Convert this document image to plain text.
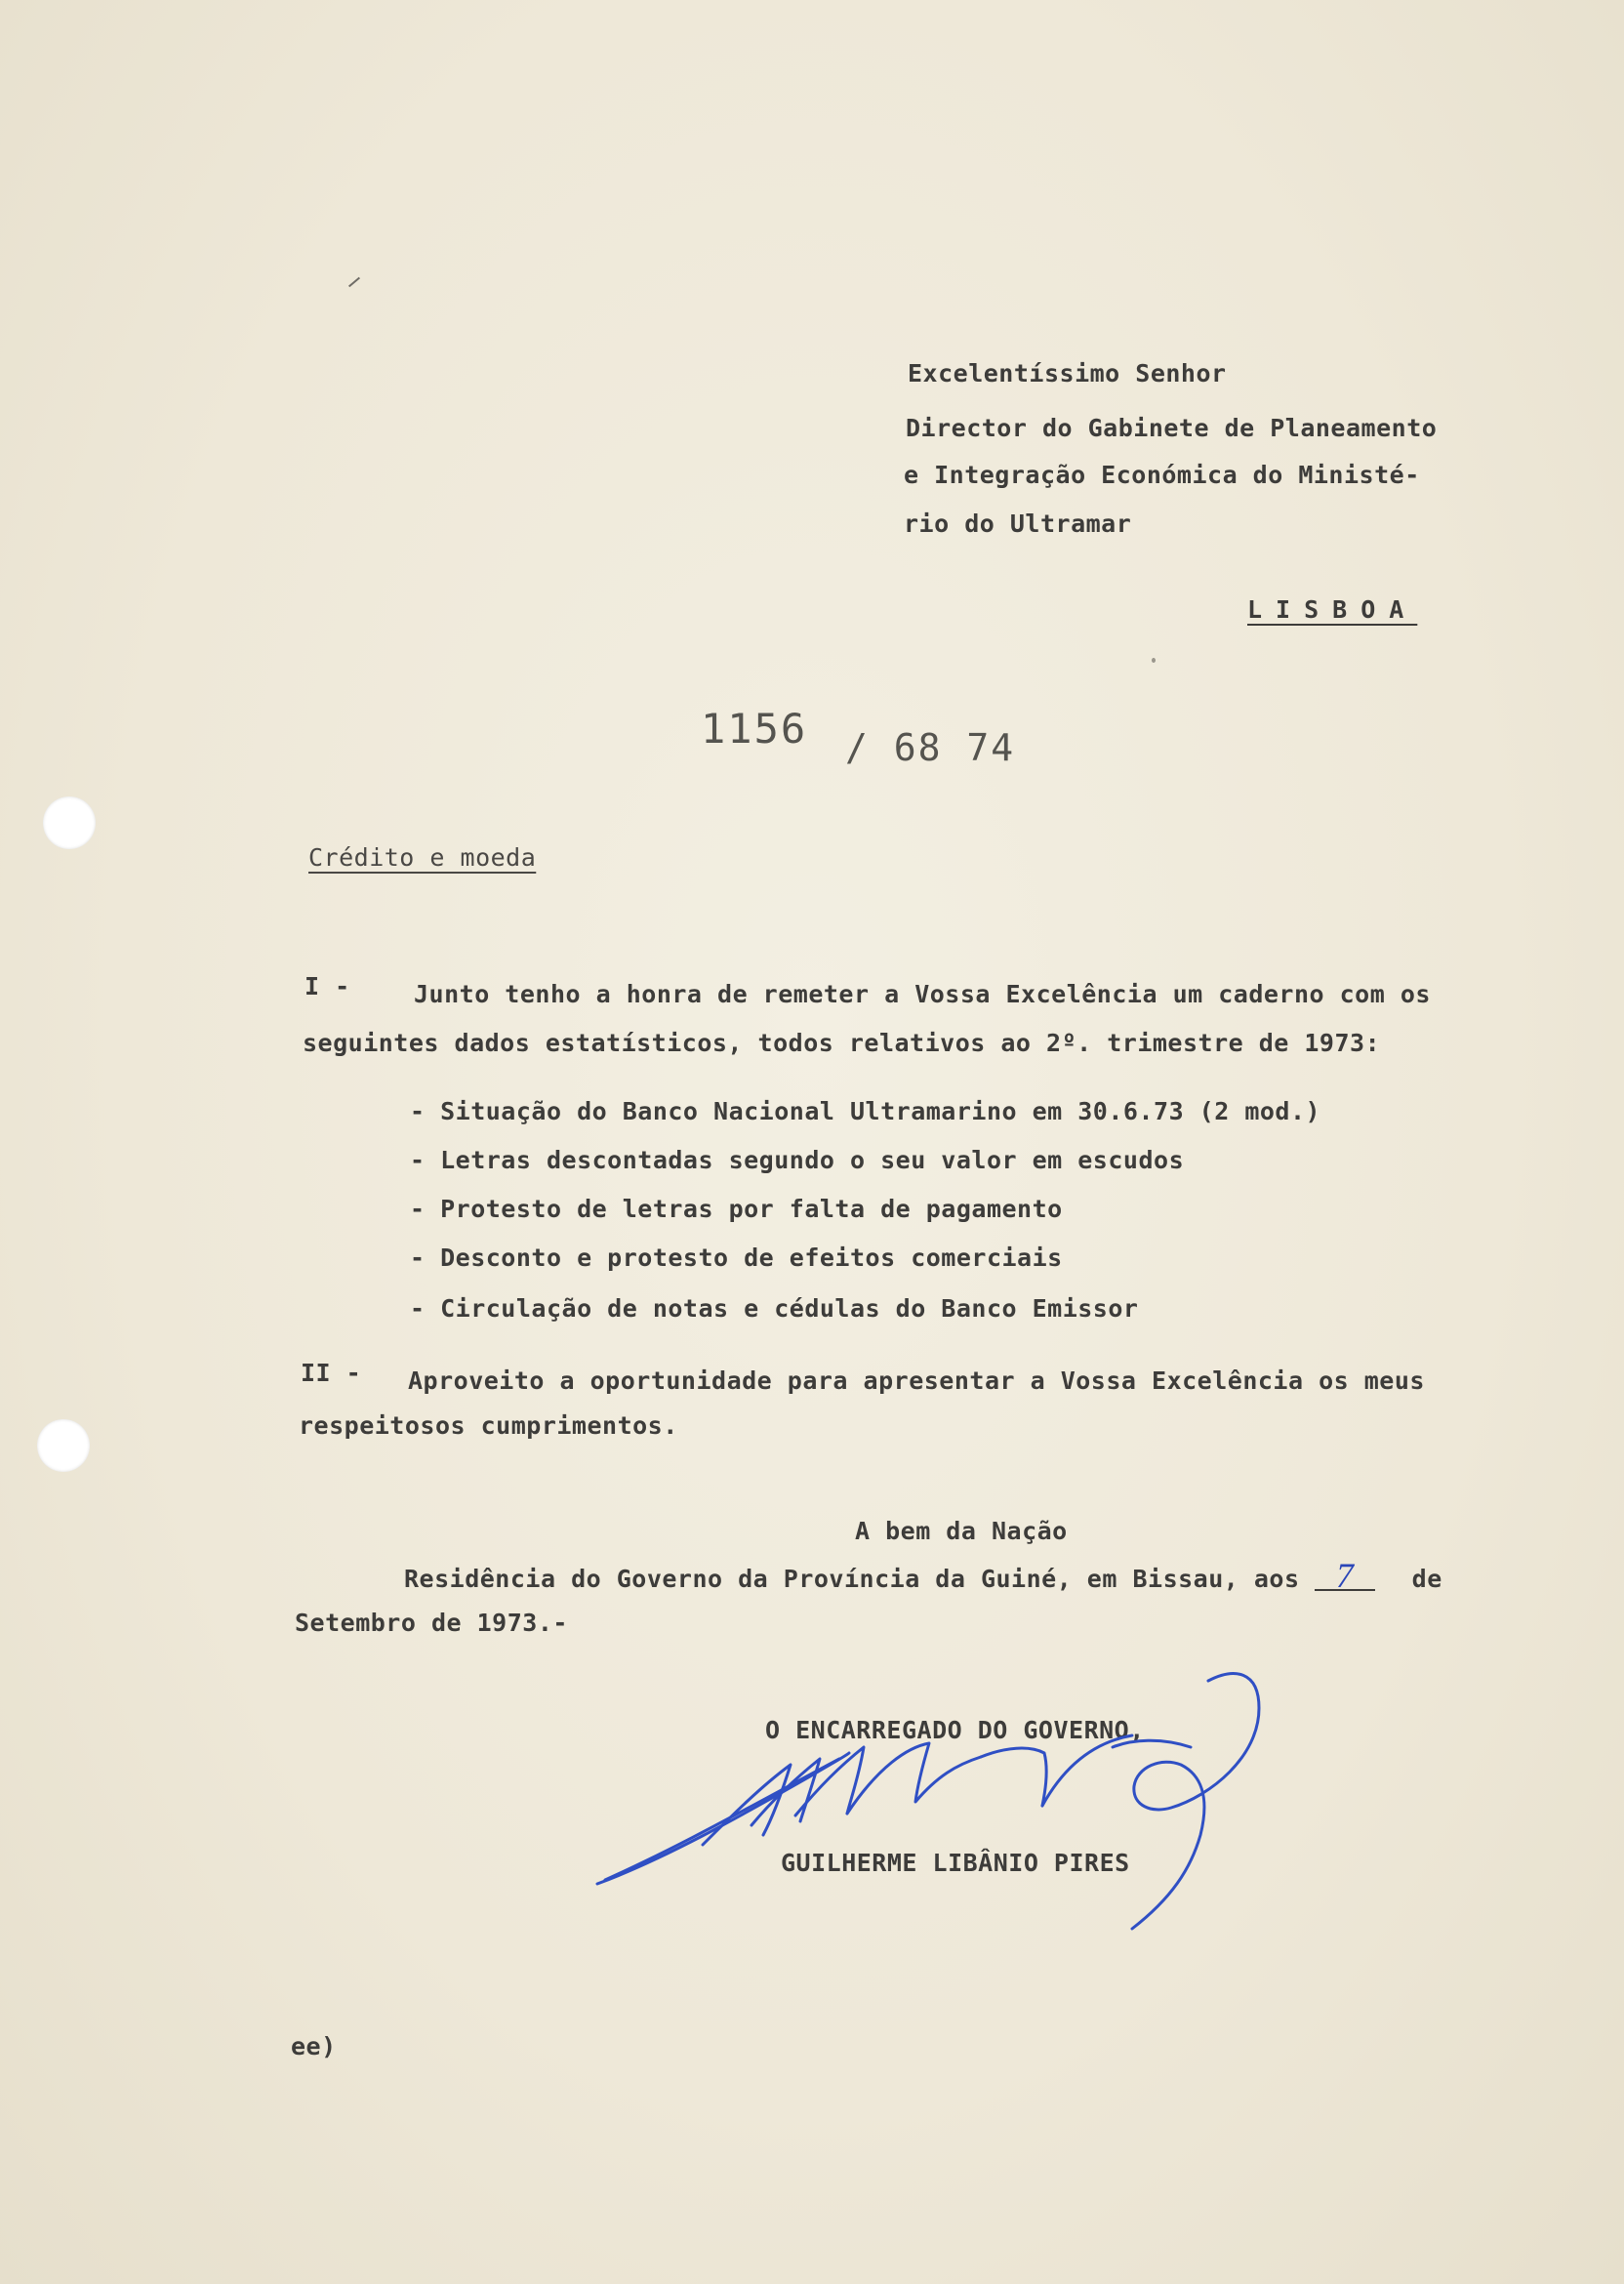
Excelentíssimo Senhor
Director do Gabinete de Planeamento
e Integração Económica do Ministé-
rio do Ultramar
LISBOA
1156 / 68 74
Crédito e moeda
I -	Junto tenho a honra de remeter a Vossa Excelência um caderno com os
seguintes dados estatísticos, todos relativos ao 2º. trimestre de 1973:
- Situação do Banco Nacional Ultramarino em 30.6.73 (2 mod.)
- Letras descontadas segundo o seu valor em escudos
- Protesto de letras por falta de pagamento
- Desconto e protesto de efeitos comerciais
- Circulação de notas e cédulas do Banco Emissor
II - Aproveito a oportunidade para apresentar a Vossa Excelência os meus
respeitosos cumprimentos.
A bem da Nação
Residência do Governo da Província da Guiné, em Bissau, aos 7 de
Setembro de 1973.-
O ENCARREGADO DO GOVERNO,
GUILHERME LIBÂNIO PIRES
ee)
